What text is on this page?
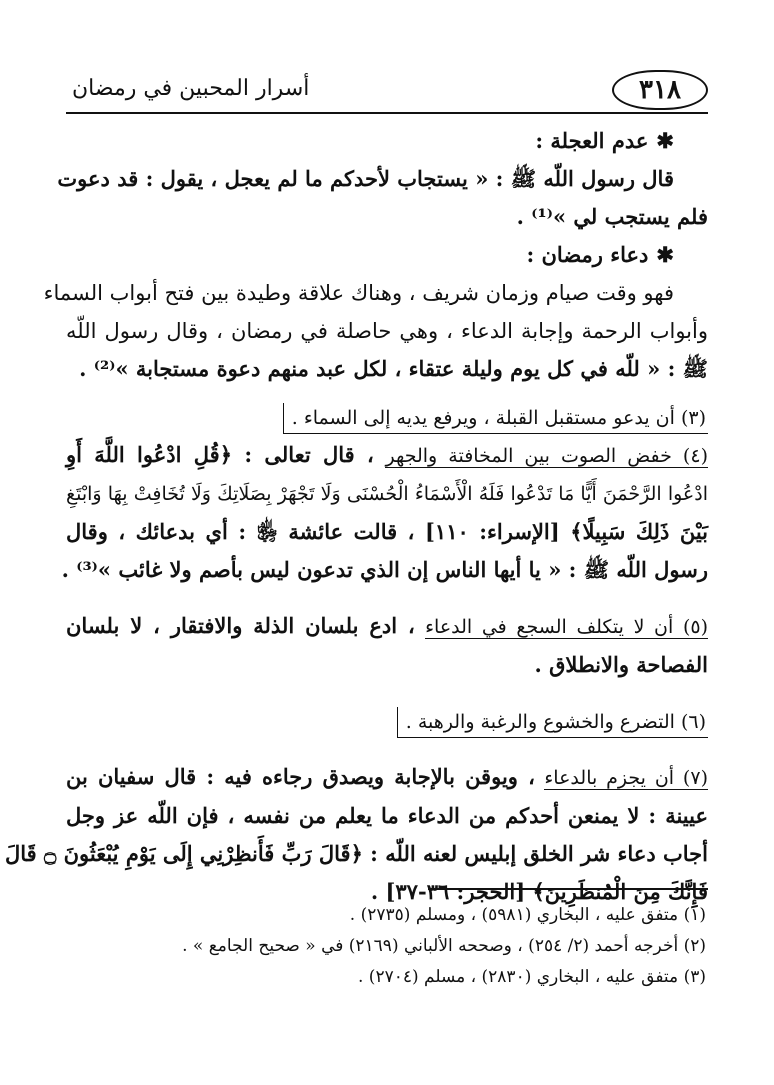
٣١٨
أسرار المحبين في رمضان
✱عدم العجلة :
قال رسول اللّه ﷺ : « يستجاب لأحدكم ما لم يعجل ، يقول : قد دعوت
فلم يستجب لي »⁽¹⁾ .
✱دعاء رمضان :
فهو وقت صيام وزمان شريف ، وهناك علاقة وطيدة بين فتح أبواب السماء
وأبواب الرحمة وإجابة الدعاء ، وهي حاصلة في رمضان ، وقال رسول اللّه
ﷺ : « للّه في كل يوم وليلة عتقاء ، لكل عبد منهم دعوة مستجابة »⁽²⁾ .
(٣) أن يدعو مستقبل القبلة ، ويرفع يديه إلى السماء .
(٤) خفض الصوت بين المخافتة والجهر ، قال تعالى : ﴿قُلِ ادْعُوا اللَّهَ أَوِ
ادْعُوا الرَّحْمَنَ أَيًّا مَا تَدْعُوا فَلَهُ الْأَسْمَاءُ الْحُسْنَى وَلَا تَجْهَرْ بِصَلَاتِكَ وَلَا تُخَافِتْ بِهَا وَابْتَغِ
بَيْنَ ذَلِكَ سَبِيلًا﴾ [الإسراء: ١١٠] ، قالت عائشة ﵂ : أي بدعائك ، وقال
رسول اللّه ﷺ : « يا أيها الناس إن الذي تدعون ليس بأصم ولا غائب »⁽³⁾ .
(٥) أن لا يتكلف السجع في الدعاء ، ادع بلسان الذلة والافتقار ، لا بلسان
الفصاحة والانطلاق .
(٦) التضرع والخشوع والرغبة والرهبة .
(٧) أن يجزم بالدعاء ، ويوقن بالإجابة ويصدق رجاءه فيه : قال سفيان بن
عيينة : لا يمنعن أحدكم من الدعاء ما يعلم من نفسه ، فإن اللّه عز وجل
أجاب دعاء شر الخلق إبليس لعنه اللّه : ﴿قَالَ رَبِّ فَأَنظِرْنِي إِلَى يَوْمِ يُبْعَثُونَ ۝ قَالَ
فَإِنَّكَ مِنَ الْمُنظَرِينَ﴾ [الحجر: ٣٦-٣٧] .
(١) متفق عليه ، البخاري (٥٩٨١) ، ومسلم (٢٧٣٥) .
(٢) أخرجه أحمد (٢/ ٢٥٤) ، وصححه الألباني (٢١٦٩) في « صحيح الجامع » .
(٣) متفق عليه ، البخاري (٢٨٣٠) ، مسلم (٢٧٠٤) .
